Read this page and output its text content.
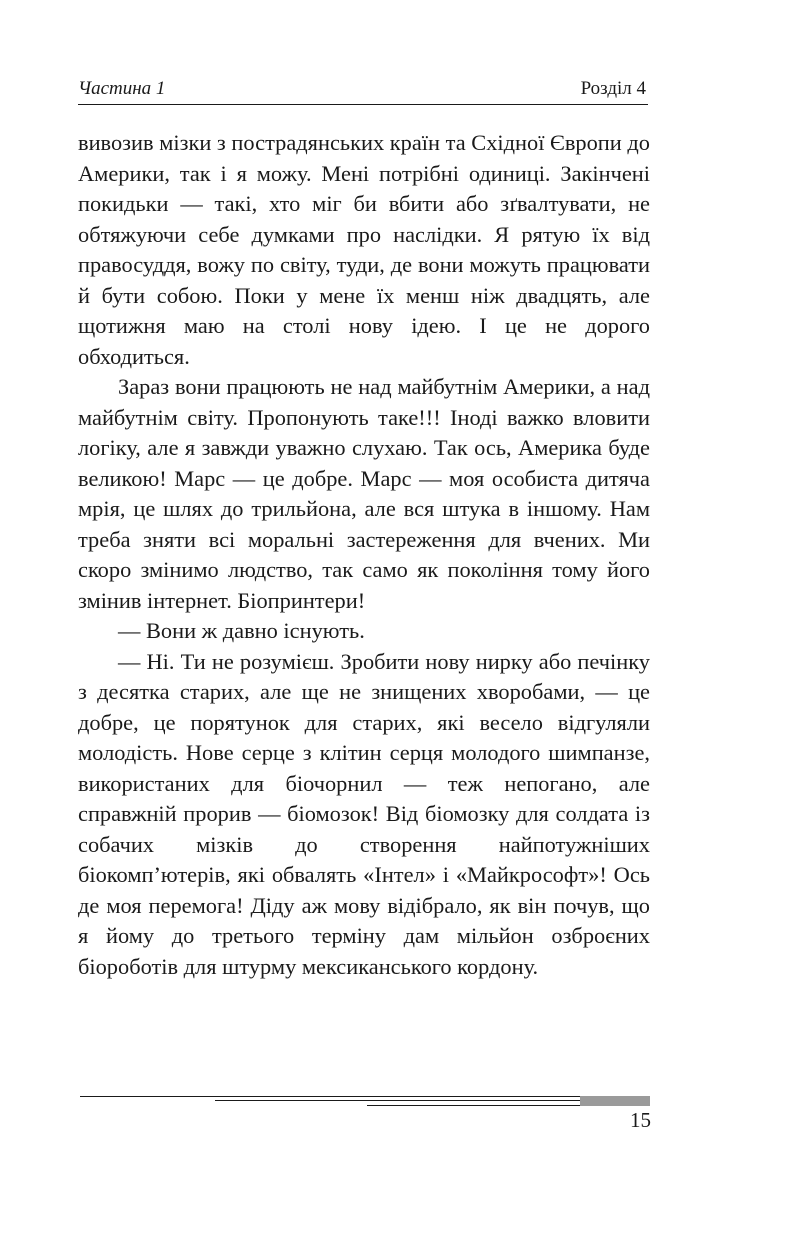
Частина 1	Розділ 4

вивозив мізки з пострадянських країн та Східної Європи до Америки, так і я можу. Мені потрібні одиниці. Закінчені покидьки — такі, хто міг би вбити або зґвалтувати, не обтяжуючи себе думками про наслідки. Я рятую їх від правосуддя, вожу по світу, туди, де вони можуть працювати й бути собою. Поки у мене їх менш ніж двадцять, але щотижня маю на столі нову ідею. І це не дорого обходиться.

Зараз вони працюють не над майбутнім Америки, а над майбутнім світу. Пропонують таке!!! Іноді важко вловити логіку, але я завжди уважно слухаю. Так ось, Америка буде великою! Марс — це добре. Марс — моя особиста дитяча мрія, це шлях до трильйона, але вся штука в іншому. Нам треба зняти всі моральні застереження для вчених. Ми скоро змінимо людство, так само як покоління тому його змінив інтернет. Біопринтери!

— Вони ж давно існують.

— Ні. Ти не розумієш. Зробити нову нирку або печінку з десятка старих, але ще не знищених хворобами, — це добре, це порятунок для старих, які весело відгуляли молодість. Нове серце з клітин серця молодого шимпанзе, використаних для біочорнил — теж непогано, але справжній прорив — біомозок! Від біомозку для солдата із собачих мізків до створення найпотужніших біокомп’ютерів, які обвалять «Інтел» і «Майкрософт»! Ось де моя перемога! Діду аж мову відібрало, як він почув, що я йому до третього терміну дам мільйон озброєних бiороботів для штурму мексиканського кордону.

15
